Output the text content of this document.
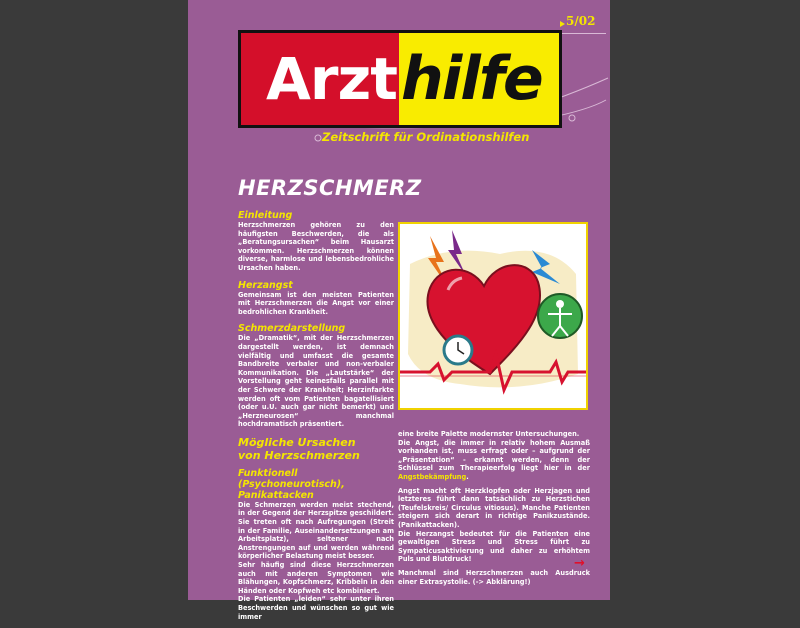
5/02
Arzt hilfe
Zeitschrift für Ordinationshilfen
HERZSCHMERZ
Einleitung

Herzschmerzen gehören zu den häufigsten Beschwerden, die als „Beratungsursachen“ beim Hausarzt vorkommen. Herzschmerzen können diverse, harmlose und lebensbedrohliche Ursachen haben.

Herzangst

Gemeinsam ist den meisten Patienten mit Herzschmerzen die Angst vor einer bedrohlichen Krankheit.

Schmerzdarstellung

Die „Dramatik“, mit der Herzschmerzen dargestellt werden, ist demnach vielfältig und umfasst die gesamte Bandbreite verbaler und non-verbaler Kommunikation. Die „Lautstärke“ der Vorstellung geht keinesfalls parallel mit der Schwere der Krankheit; Herzinfarkte werden oft vom Patienten bagatellisiert (oder u.U. auch gar nicht bemerkt) und „Herzneurosen“ manchmal hochdramatisch präsentiert.

Mögliche Ursachen
von Herzschmerzen
Funktionell (Psychoneurotisch),
Panikattacken

Die Schmerzen werden meist stechend, in der Gegend der Herzspitze geschildert. Sie treten oft nach Aufregungen (Streit in der Familie, Auseinandersetzungen am Arbeitsplatz), seltener nach Anstrengungen auf und werden während körperlicher Belastung meist besser.

Sehr häufig sind diese Herzschmerzen auch mit anderen Symptomen wie Blähungen, Kopfschmerz, Kribbeln in den Händen oder Kopfweh etc kombiniert.

Die Patienten „leiden“ sehr unter ihren Beschwerden und wünschen so gut wie immer

eine breite Palette modernster Untersuchungen.

Die Angst, die immer in relativ hohem Ausmaß vorhanden ist, muss erfragt oder – aufgrund der „Präsentation“ - erkannt werden, denn der Schlüssel zum Therapieerfolg liegt hier in der Angstbekämpfung.

Angst macht oft Herzklopfen oder Herzjagen und letzteres führt dann tatsächlich zu Herzstichen (Teufelskreis/ Circulus vitiosus). Manche Patienten steigern sich derart in richtige Panikzustände. (Panikattacken).

Die Herzangst bedeutet für die Patienten eine gewaltigen Stress und Stress führt zu Sympaticusaktivierung und daher zu erhöhtem Puls und Blutdruck!

Manchmal sind Herzschmerzen auch Ausdruck einer Extrasystolie. (-> Abklärung!)

→
